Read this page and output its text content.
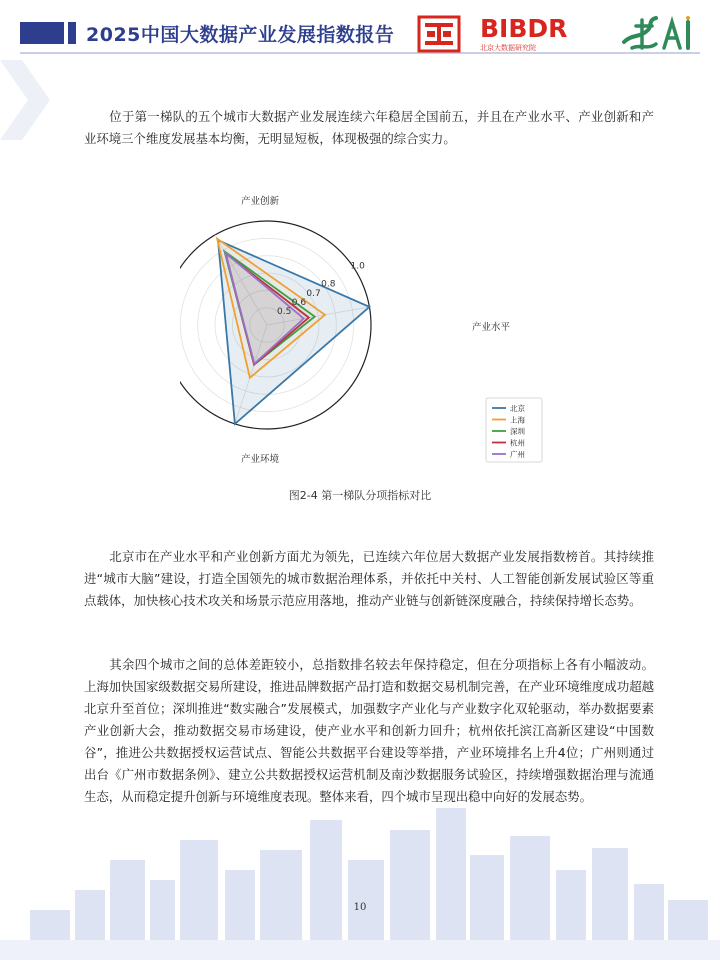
2025中国大数据产业发展指数报告	BIBDR
北京大数据研究院
位于第一梯队的五个城市大数据产业发展连续六年稳居全国前五，并且在产业水平、产业创新和产业环境三个维度发展基本均衡，无明显短板，体现极强的综合实力。
0.5
0.6
0.7
0.8
1.0
产业水平
产业创新
产业环境
北京
上海
深圳
杭州
广州
图2-4 第一梯队分项指标对比
北京市在产业水平和产业创新方面尤为领先，已连续六年位居大数据产业发展指数榜首。其持续推进“城市大脑”建设，打造全国领先的城市数据治理体系，并依托中关村、人工智能创新发展试验区等重点载体，加快核心技术攻关和场景示范应用落地，推动产业链与创新链深度融合，持续保持增长态势。
其余四个城市之间的总体差距较小，总指数排名较去年保持稳定，但在分项指标上各有小幅波动。上海加快国家级数据交易所建设，推进品牌数据产品打造和数据交易机制完善，在产业环境维度成功超越北京升至首位；深圳推进“数实融合”发展模式，加强数字产业化与产业数字化双轮驱动，举办数据要素产业创新大会，推动数据交易市场建设，使产业水平和创新力回升；杭州依托滨江高新区建设“中国数谷”，推进公共数据授权运营试点、智能公共数据平台建设等举措，产业环境排名上升4位；广州则通过出台《广州市数据条例》、建立公共数据授权运营机制及南沙数据服务试验区，持续增强数据治理与流通生态，从而稳定提升创新与环境维度表现。整体来看，四个城市呈现出稳中向好的发展态势。
10
